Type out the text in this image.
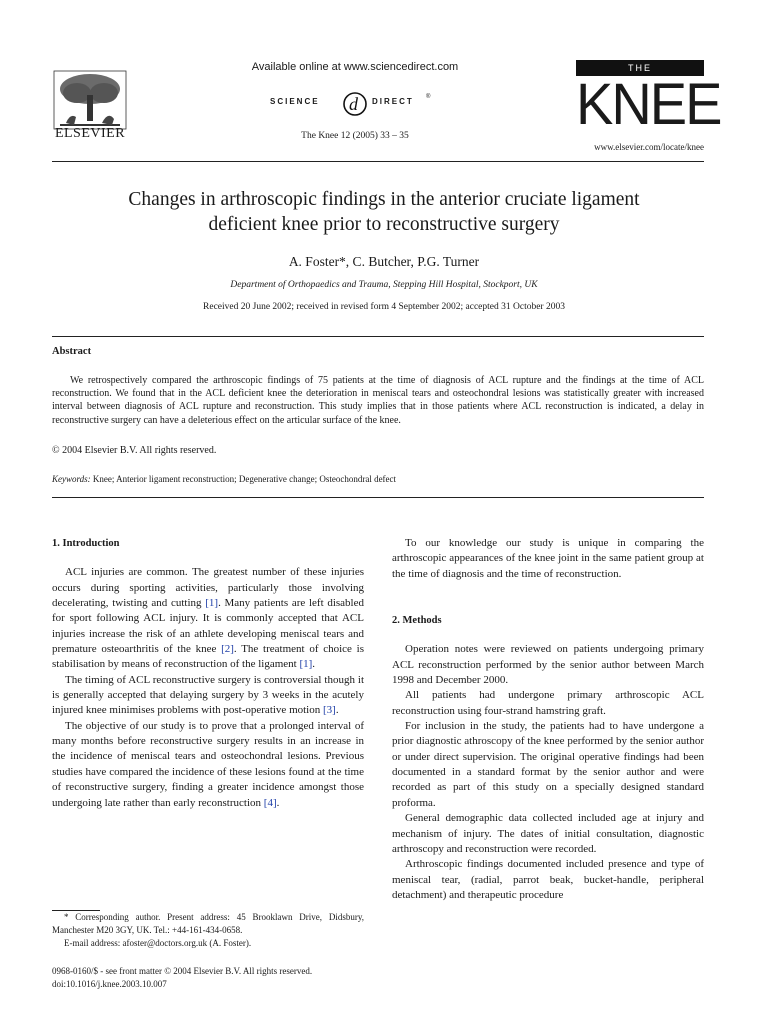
ELSEVIER
Available online at www.sciencedirect.com
SCIENCE d DIRECT ®
The Knee 12 (2005) 33 – 35
THE
KNEE
www.elsevier.com/locate/knee
Changes in arthroscopic findings in the anterior cruciate ligament
deficient knee prior to reconstructive surgery
A. Foster*, C. Butcher, P.G. Turner
Department of Orthopaedics and Trauma, Stepping Hill Hospital, Stockport, UK
Received 20 June 2002; received in revised form 4 September 2002; accepted 31 October 2003
Abstract

We retrospectively compared the arthroscopic findings of 75 patients at the time of diagnosis of ACL rupture and the findings at the time of ACL reconstruction. We found that in the ACL deficient knee the deterioration in meniscal tears and osteochondral lesions was statistically greater with increased interval between diagnosis of ACL rupture and reconstruction. This study implies that in those patients where ACL reconstruction is indicated, a delay in reconstructive surgery can have a deleterious effect on the articular surface of the knee.

© 2004 Elsevier B.V. All rights reserved.
Keywords: Knee; Anterior ligament reconstruction; Degenerative change; Osteochondral defect
1. Introduction

ACL injuries are common. The greatest number of these injuries occurs during sporting activities, particularly those involving decelerating, twisting and cutting [1]. Many patients are left disabled for sport following ACL injury. It is commonly accepted that ACL injuries increase the risk of an athlete developing meniscal tears and premature osteoarthritis of the knee [2]. The treatment of choice is stabilisation by means of reconstruction of the ligament [1].

The timing of ACL reconstructive surgery is controversial though it is generally accepted that delaying surgery by 3 weeks in the acutely injured knee minimises problems with post-operative motion [3].

The objective of our study is to prove that a prolonged interval of many months before reconstructive surgery results in an increase in the incidence of meniscal tears and osteochondral lesions. Previous studies have compared the incidence of these lesions found at the time of reconstructive surgery, finding a greater incidence amongst those undergoing late rather than early reconstruction [4].

* Corresponding author. Present address: 45 Brooklawn Drive, Didsbury, Manchester M20 3GY, UK. Tel.: +44-161-434-0658.

E-mail address: afoster@doctors.org.uk (A. Foster).

0968-0160/$ - see front matter © 2004 Elsevier B.V. All rights reserved.
doi:10.1016/j.knee.2003.10.007

To our knowledge our study is unique in comparing the arthroscopic appearances of the knee joint in the same patient group at the time of diagnosis and the time of reconstruction.

2. Methods

Operation notes were reviewed on patients undergoing primary ACL reconstruction performed by the senior author between March 1998 and December 2000.

All patients had undergone primary arthroscopic ACL reconstruction using four-strand hamstring graft.

For inclusion in the study, the patients had to have undergone a prior diagnostic athroscopy of the knee performed by the senior author or under direct supervision. The original operative findings had been documented in a standard format by the senior author and were recorded as part of this study on a specially designed standard proforma.

General demographic data collected included age at injury and mechanism of injury. The dates of initial consultation, diagnostic arthroscopy and reconstruction were recorded.

Arthroscopic findings documented included presence and type of meniscal tear, (radial, parrot beak, bucket-handle, peripheral detachment) and therapeutic procedure
